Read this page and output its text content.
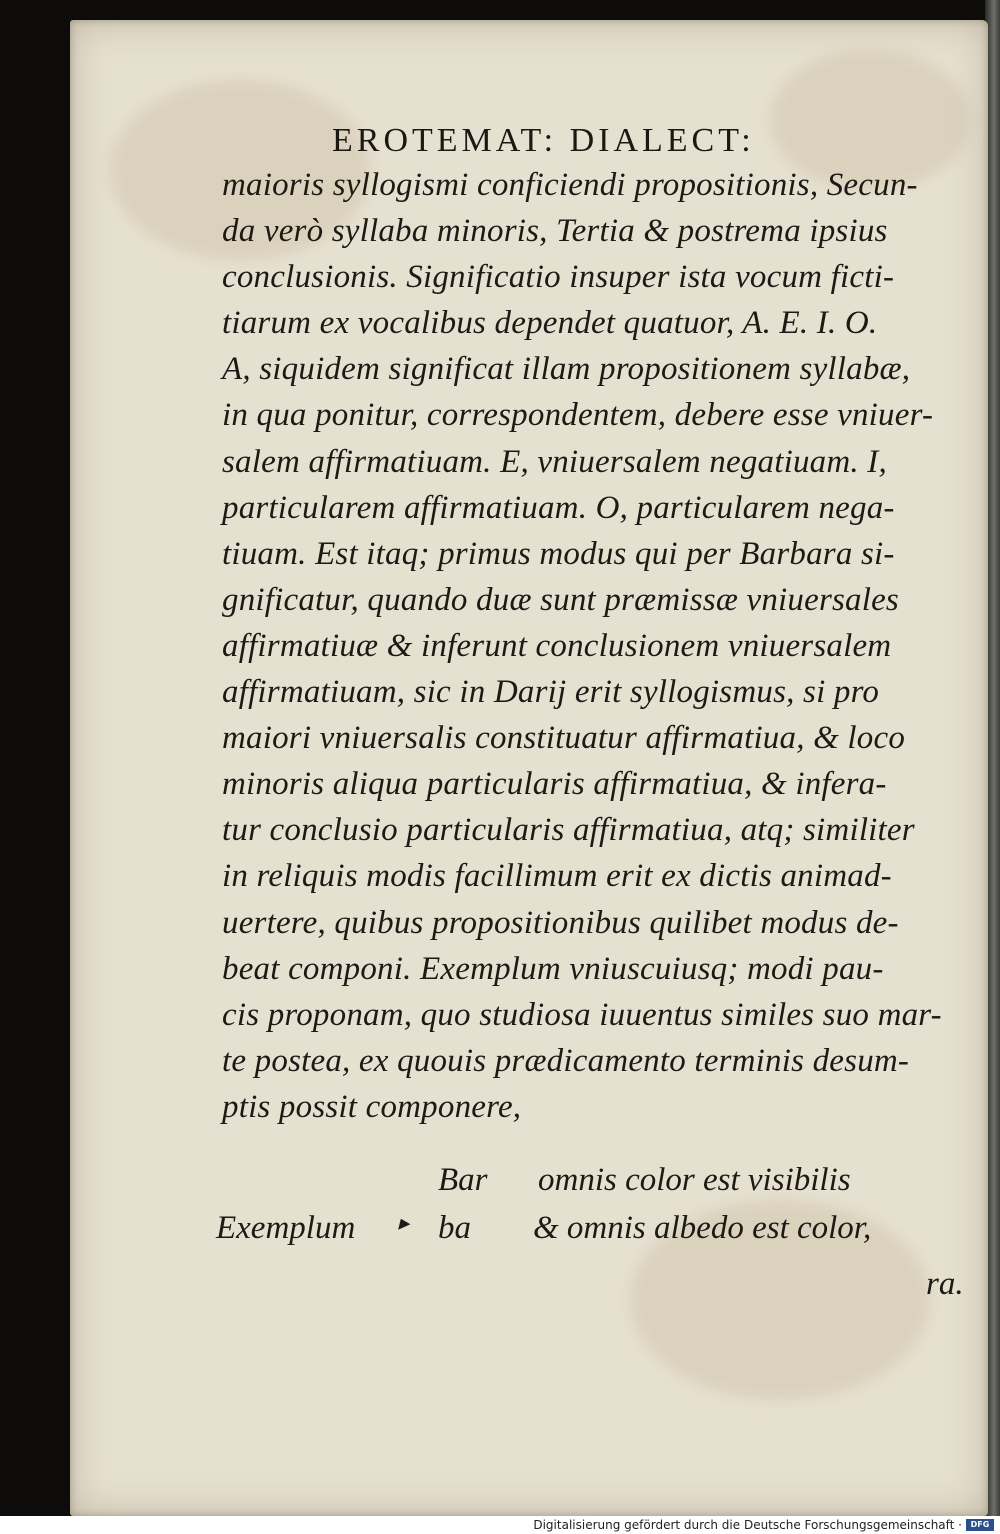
EROTEMAT: DIALECT:
maioris syllogismi conficiendi propositionis, Secun-
da verò syllaba minoris, Tertia & postrema ipsius
conclusionis. Significatio insuper ista vocum ficti-
tiarum ex vocalibus dependet quatuor, A. E. I. O.
A, siquidem significat illam propositionem syllabæ,
in qua ponitur, correspondentem, debere esse vniuer-
salem affirmatiuam. E, vniuersalem negatiuam. I,
particularem affirmatiuam. O, particularem nega-
tiuam. Est itaq; primus modus qui per Barbara si-
gnificatur, quando duæ sunt præmissæ vniuersales
affirmatiuæ & inferunt conclusionem vniuersalem
affirmatiuam, sic in Darij erit syllogismus, si pro
maiori vniuersalis constituatur affirmatiua, & loco
minoris aliqua particularis affirmatiua, & infera-
tur conclusio particularis affirmatiua, atq; similiter
in reliquis modis facillimum erit ex dictis animad-
uertere, quibus propositionibus quilibet modus de-
beat componi. Exemplum vniuscuiusq; modi pau-
cis proponam, quo studiosa iuuentus similes suo mar-
te postea, ex quouis prædicamento terminis desum-
ptis possit componere,
Bar omnis color est visibilis
Exemplum ▸ ba & omnis albedo est color,
ra.
Digitalisierung gefördert durch die Deutsche Forschungsgemeinschaft ·	DFG
